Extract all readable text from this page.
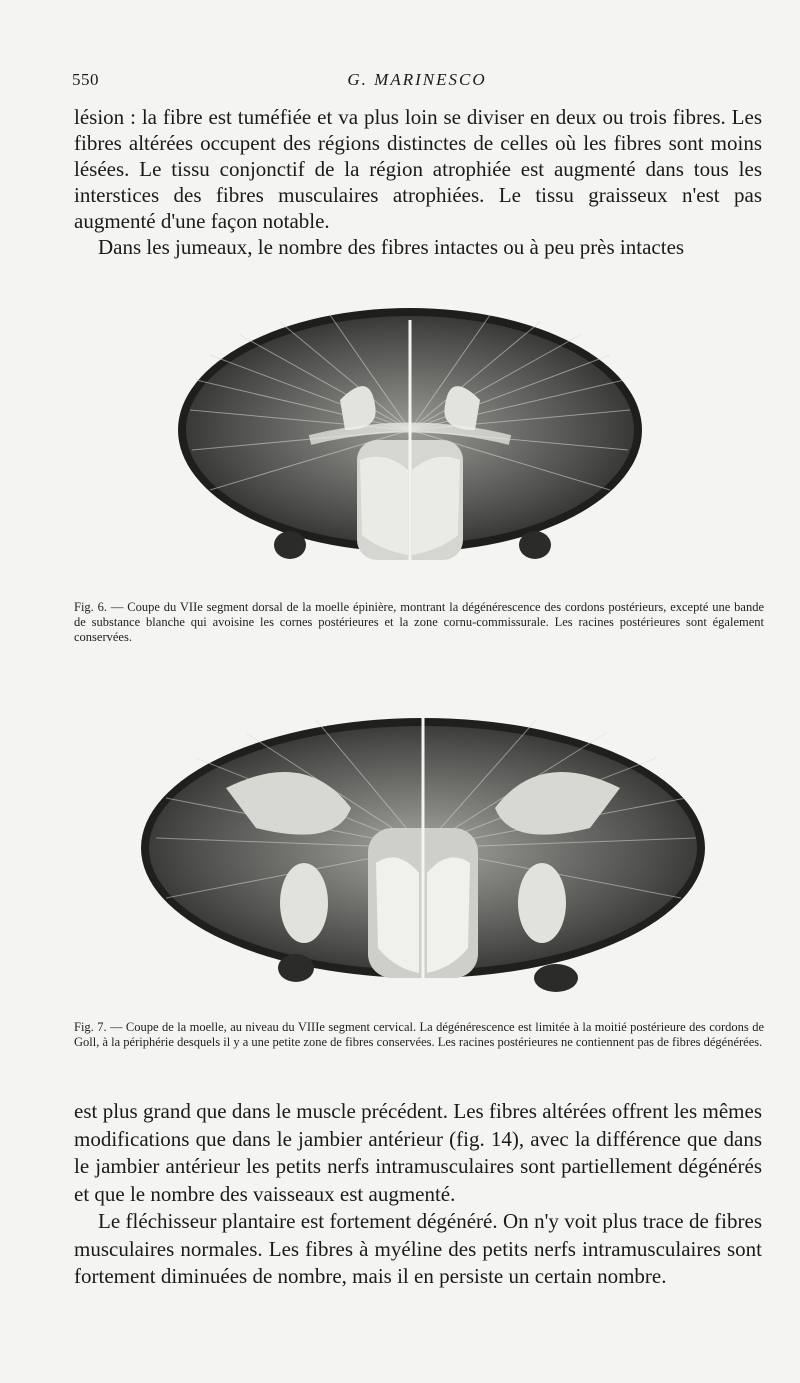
550	G. MARINESCO

lésion : la fibre est tuméfiée et va plus loin se diviser en deux ou trois fibres. Les fibres altérées occupent des régions distinctes de celles où les fibres sont moins lésées. Le tissu conjonctif de la région atrophiée est augmenté dans tous les interstices des fibres musculaires atrophiées. Le tissu graisseux n'est pas augmenté d'une façon notable.
Dans les jumeaux, le nombre des fibres intactes ou à peu près intactes

Fig. 6. — Coupe du VIIe segment dorsal de la moelle épinière, montrant la dégénérescence des cordons postérieurs, excepté une bande de substance blanche qui avoisine les cornes postérieures et la zone cornu-commissurale. Les racines postérieures sont également conservées.
Fig. 7. — Coupe de la moelle, au niveau du VIIIe segment cervical. La dégénérescence est limitée à la moitié postérieure des cordons de Goll, à la périphérie desquels il y a une petite zone de fibres conservées. Les racines postérieures ne contiennent pas de fibres dégénérées.

est plus grand que dans le muscle précédent. Les fibres altérées offrent les mêmes modifications que dans le jambier antérieur (fig. 14), avec la différence que dans le jambier antérieur les petits nerfs intramusculaires sont partiellement dégénérés et que le nombre des vaisseaux est augmenté.
Le fléchisseur plantaire est fortement dégénéré. On n'y voit plus trace de fibres musculaires normales. Les fibres à myéline des petits nerfs intramusculaires sont fortement diminuées de nombre, mais il en persiste un certain nombre.
